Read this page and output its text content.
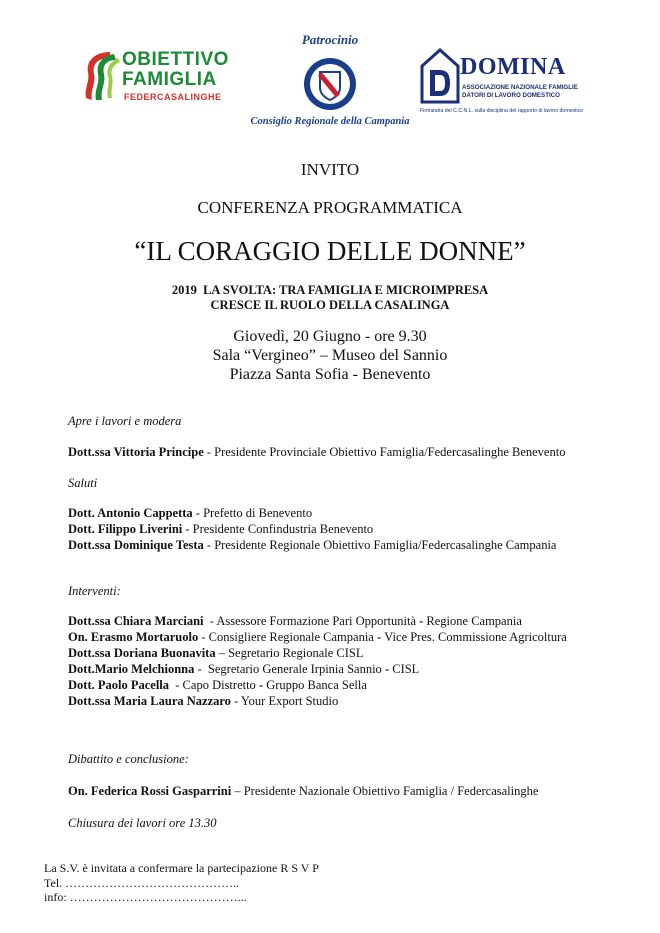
OBIETTIVO
FAMIGLIA
FEDERCASALINGHE
Patrocinio
Consiglio Regionale della Campania
DOMINA
ASSOCIAZIONE NAZIONALE FAMIGLIE
DATORI DI LAVORO DOMESTICO
Firmataria del C.C.N.L. sulla disciplina del rapporto di lavoro domestico
INVITO
CONFERENZA PROGRAMMATICA
“IL CORAGGIO DELLE DONNE”
2019  LA SVOLTA: TRA FAMIGLIA E MICROIMPRESA
CRESCE IL RUOLO DELLA CASALINGA
Giovedì, 20 Giugno - ore 9.30
Sala “Vergineo” – Museo del Sannio
Piazza Santa Sofia - Benevento
Apre i lavori e modera
Dott.ssa Vittoria Principe - Presidente Provinciale Obiettivo Famiglia/Federcasalinghe Benevento
Saluti
Dott. Antonio Cappetta - Prefetto di Benevento
Dott. Filippo Liverini - Presidente Confindustria Benevento
Dott.ssa Dominique Testa - Presidente Regionale Obiettivo Famiglia/Federcasalinghe Campania
Interventi:
Dott.ssa Chiara Marciani  - Assessore Formazione Pari Opportunità - Regione Campania
On. Erasmo Mortaruolo - Consigliere Regionale Campania - Vice Pres. Commissione Agricoltura
Dott.ssa Doriana Buonavita – Segretario Regionale CISL
Dott.Mario Melchionna -  Segretario Generale Irpinia Sannio - CISL
Dott. Paolo Pacella  - Capo Distretto - Gruppo Banca Sella
Dott.ssa Maria Laura Nazzaro - Your Export Studio
Dibattito e conclusione:
On. Federica Rossi Gasparrini – Presidente Nazionale Obiettivo Famiglia / Federcasalinghe
Chiusura dei lavori ore 13.30
La S.V. è invitata a confermare la partecipazione R S V P
Tel. ……………………………………..
info: ……………………………………...
